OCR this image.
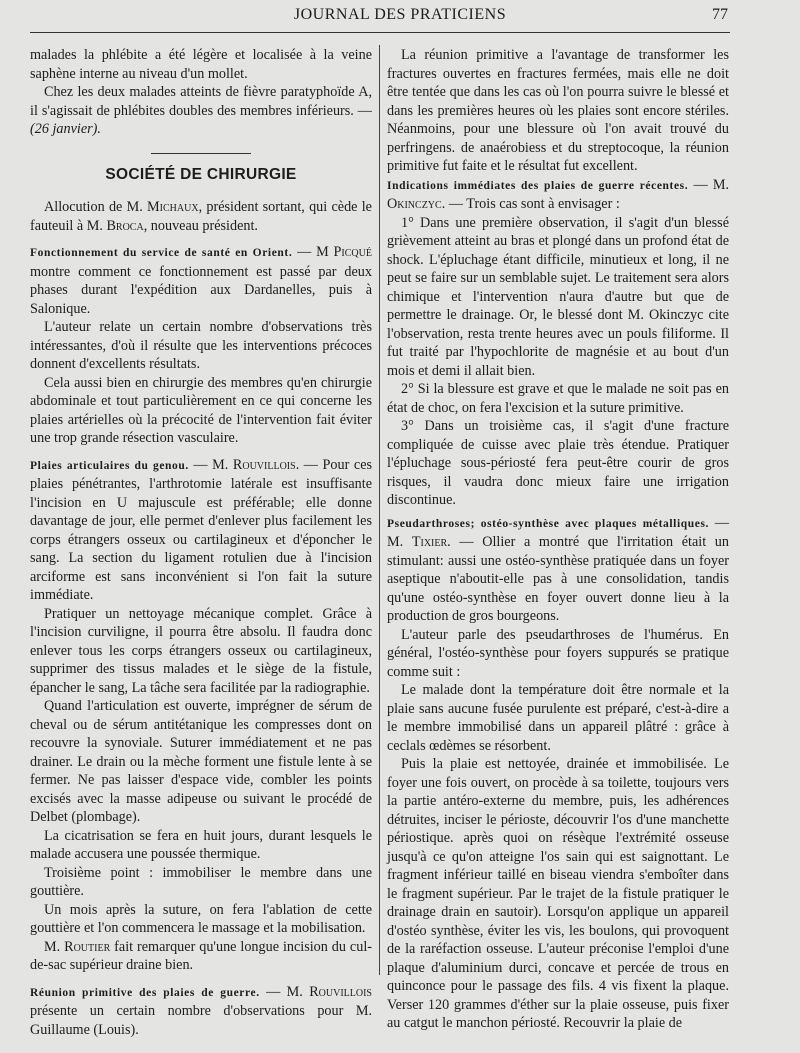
JOURNAL DES PRATICIENS	77

malades la phlébite a été légère et localisée à la veine saphène interne au niveau d'un mollet.

Chez les deux malades atteints de fièvre paratyphoïde A, il s'agissait de phlébites doubles des membres inférieurs. — (26 janvier).

SOCIÉTÉ DE CHIRURGIE

Allocution de M. Michaux, président sortant, qui cède le fauteuil à M. Broca, nouveau président.

Fonctionnement du service de santé en Orient. — M Picqué montre comment ce fonctionnement est passé par deux phases durant l'expédition aux Dardanelles, puis à Salonique.

L'auteur relate un certain nombre d'observations très intéressantes, d'où il résulte que les interventions précoces donnent d'excellents résultats.

Cela aussi bien en chirurgie des membres qu'en chirurgie abdominale et tout particulièrement en ce qui concerne les plaies artérielles où la précocité de l'intervention fait éviter une trop grande résection vasculaire.

Plaies articulaires du genou. — M. Rouvillois. — Pour ces plaies pénétrantes, l'arthrotomie latérale est insuffisante l'incision en U majuscule est préférable; elle donne davantage de jour, elle permet d'enlever plus facilement les corps étrangers osseux ou cartilagineux et d'époncher le sang. La section du ligament rotulien due à l'incision arciforme est sans inconvénient si l'on fait la suture immédiate.

Pratiquer un nettoyage mécanique complet. Grâce à l'incision curviligne, il pourra être absolu. Il faudra donc enlever tous les corps étrangers osseux ou cartilagineux, supprimer des tissus malades et le siège de la fistule, épancher le sang, La tâche sera facilitée par la radiographie.

Quand l'articulation est ouverte, imprégner de sérum de cheval ou de sérum antitétanique les compresses dont on recouvre la synoviale. Suturer immédiatement et ne pas drainer. Le drain ou la mèche forment une fistule lente à se fermer. Ne pas laisser d'espace vide, combler les points excisés avec la masse adipeuse ou suivant le procédé de Delbet (plombage).

La cicatrisation se fera en huit jours, durant lesquels le malade accusera une poussée thermique.

Troisième point : immobiliser le membre dans une gouttière.

Un mois après la suture, on fera l'ablation de cette gouttière et l'on commencera le massage et la mobilisation.

M. Routier fait remarquer qu'une longue incision du cul-de-sac supérieur draine bien.

Réunion primitive des plaies de guerre. — M. Rouvillois présente un certain nombre d'observations pour M. Guillaume (Louis).

La réunion primitive a l'avantage de transformer les fractures ouvertes en fractures fermées, mais elle ne doit être tentée que dans les cas où l'on pourra suivre le blessé et dans les premières heures où les plaies sont encore stériles. Néanmoins, pour une blessure où l'on avait trouvé du perfringens. de anaérobiess et du streptocoque, la réunion primitive fut faite et le résultat fut excellent.

Indications immédiates des plaies de guerre récentes. — M. Okinczyc. — Trois cas sont à envisager :

1° Dans une première observation, il s'agit d'un blessé grièvement atteint au bras et plongé dans un profond état de shock. L'épluchage étant difficile, minutieux et long, il ne peut se faire sur un semblable sujet. Le traitement sera alors chimique et l'intervention n'aura d'autre but que de permettre le drainage. Or, le blessé dont M. Okinczyc cite l'observation, resta trente heures avec un pouls filiforme. Il fut traité par l'hypochlorite de magnésie et au bout d'un mois et demi il allait bien.

2° Si la blessure est grave et que le malade ne soit pas en état de choc, on fera l'excision et la suture primitive.

3° Dans un troisième cas, il s'agit d'une fracture compliquée de cuisse avec plaie très étendue. Pratiquer l'épluchage sous-périosté fera peut-être courir de gros risques, il vaudra donc mieux faire une irrigation discontinue.

Pseudarthroses; ostéo-synthèse avec plaques métalliques. — M. Tixier. — Ollier a montré que l'irritation était un stimulant: aussi une ostéo-synthèse pratiquée dans un foyer aseptique n'aboutit-elle pas à une consolidation, tandis qu'une ostéo-synthèse en foyer ouvert donne lieu à la production de gros bourgeons.

L'auteur parle des pseudarthroses de l'humérus. En général, l'ostéo-synthèse pour foyers suppurés se pratique comme suit :

Le malade dont la température doit être normale et la plaie sans aucune fusée purulente est préparé, c'est-à-dire a le membre immobilisé dans un appareil plâtré : grâce à ceclals œdèmes se résorbent.

Puis la plaie est nettoyée, drainée et immobilisée. Le foyer une fois ouvert, on procède à sa toilette, toujours vers la partie antéro-externe du membre, puis, les adhérences détruites, inciser le périoste, découvrir l'os d'une manchette périostique. après quoi on résèque l'extrémité osseuse jusqu'à ce qu'on atteigne l'os sain qui est saignottant. Le fragment inférieur taillé en biseau viendra s'emboîter dans le fragment supérieur. Par le trajet de la fistule pratiquer le drainage drain en sautoir). Lorsqu'on applique un appareil d'ostéo synthèse, éviter les vis, les boulons, qui provoquent de la raréfaction osseuse. L'auteur préconise l'emploi d'une plaque d'aluminium durci, concave et percée de trous en quinconce pour le passage des fils. 4 vis fixent la plaque. Verser 120 grammes d'éther sur la plaie osseuse, puis fixer au catgut le manchon périosté. Recouvrir la plaie de
